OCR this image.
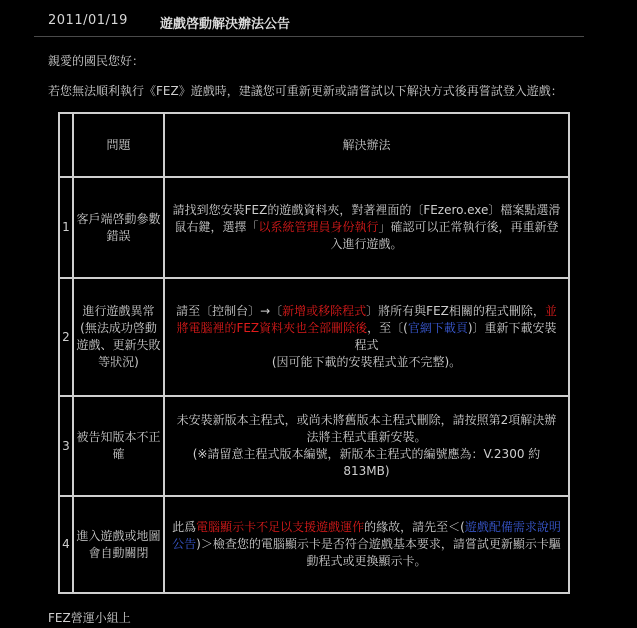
2011/01/19 遊戲啓動解決辦法公告
親愛的國民您好：
若您無法順利執行《FEZ》遊戲時，建議您可重新更新或請嘗試以下解決方式後再嘗試登入遊戲：
問題	解決辦法
1
客戶端啓動參數錯誤
請找到您安裝FEZ的遊戲資料夾，對著裡面的〔FEzero.exe〕檔案點選滑鼠右鍵，選擇「以系統管理員身份執行」確認可以正常執行後，再重新登入進行遊戲。
2
進行遊戲異常(無法成功啓動遊戲、更新失敗等狀況)
請至〔控制台〕→〔新增或移除程式〕將所有與FEZ相關的程式刪除，並將電腦裡的FEZ資料夾也全部刪除後，至〔(官網下載頁)〕重新下載安裝程式
(因可能下載的安裝程式並不完整)。
3
被告知版本不正確
未安裝新版本主程式，或尚未將舊版本主程式刪除，請按照第2項解決辦法將主程式重新安裝。
(※請留意主程式版本編號，新版本主程式的編號應為：V.2300 約813MB)
4
進入遊戲或地圖會自動關閉
此爲電腦顯示卡不足以支援遊戲運作的緣故，請先至＜(遊戲配備需求說明公告)＞檢查您的電腦顯示卡是否符合遊戲基本要求，請嘗試更新顯示卡驅動程式或更換顯示卡。
FEZ營運小組上
